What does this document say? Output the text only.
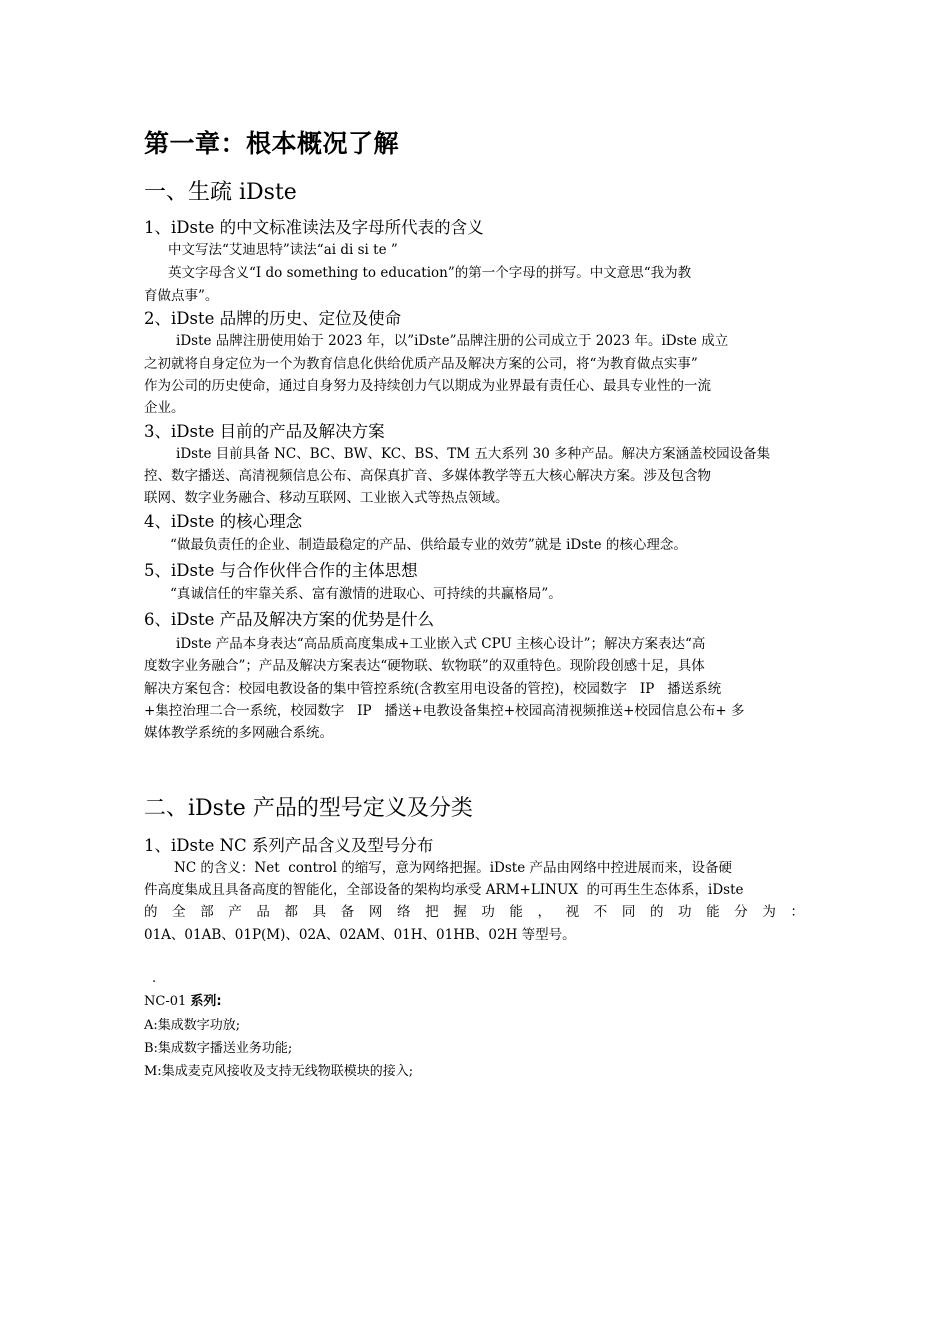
第一章：根本概况了解
一、生疏 iDste
1、iDste 的中文标准读法及字母所代表的含义
中文写法“艾迪思特”读法“ai di si te ”
英文字母含义“I do something to education”的第一个字母的拼写。中文意思“我为教
育做点事”。
2、iDste 品牌的历史、定位及使命
iDste 品牌注册使用始于 2023 年，以”iDste”品牌注册的公司成立于 2023 年。iDste 成立
之初就将自身定位为一个为教育信息化供给优质产品及解决方案的公司，将“为教育做点实事”
作为公司的历史使命，通过自身努力及持续创力气以期成为业界最有责任心、最具专业性的一流
企业。
3、iDste 目前的产品及解决方案
iDste 目前具备 NC、BC、BW、KC、BS、TM 五大系列 30 多种产品。解决方案涵盖校园设备集
控、数字播送、高清视频信息公布、高保真扩音、多媒体教学等五大核心解决方案。涉及包含物
联网、数字业务融合、移动互联网、工业嵌入式等热点领域。
4、iDste 的核心理念
“做最负责任的企业、制造最稳定的产品、供给最专业的效劳”就是 iDste 的核心理念。
5、iDste 与合作伙伴合作的主体思想
“真诚信任的牢靠关系、富有激情的进取心、可持续的共赢格局”。
6、iDste 产品及解决方案的优势是什么
iDste 产品本身表达“高品质高度集成+工业嵌入式 CPU 主核心设计”；解决方案表达“高
度数字业务融合”；产品及解决方案表达“硬物联、软物联”的双重特色。现阶段创感十足，具体
解决方案包含：校园电教设备的集中管控系统(含教室用电设备的管控)，校园数字   IP   播送系统
+集控治理二合一系统，校园数字   IP   播送+电教设备集控+校园高清视频推送+校园信息公布+ 多
媒体教学系统的多网融合系统。
二、iDste 产品的型号定义及分类
1、iDste NC 系列产品含义及型号分布
NC 的含义：Net  control 的缩写，意为网络把握。iDste 产品由网络中控进展而来，设备硬
件高度集成且具备高度的智能化，全部设备的架构均承受 ARM+LINUX  的可再生生态体系，iDste
的 全 部 产 品 都 具 备 网 络 把 握 功 能 ， 视 不 同 的 功 能 分 为 ：
01A、01AB、01P(M)、02A、02AM、01H、01HB、02H 等型号。
.
NC-01 系列:
A:集成数字功放;
B:集成数字播送业务功能;
M:集成麦克风接收及支持无线物联模块的接入;
